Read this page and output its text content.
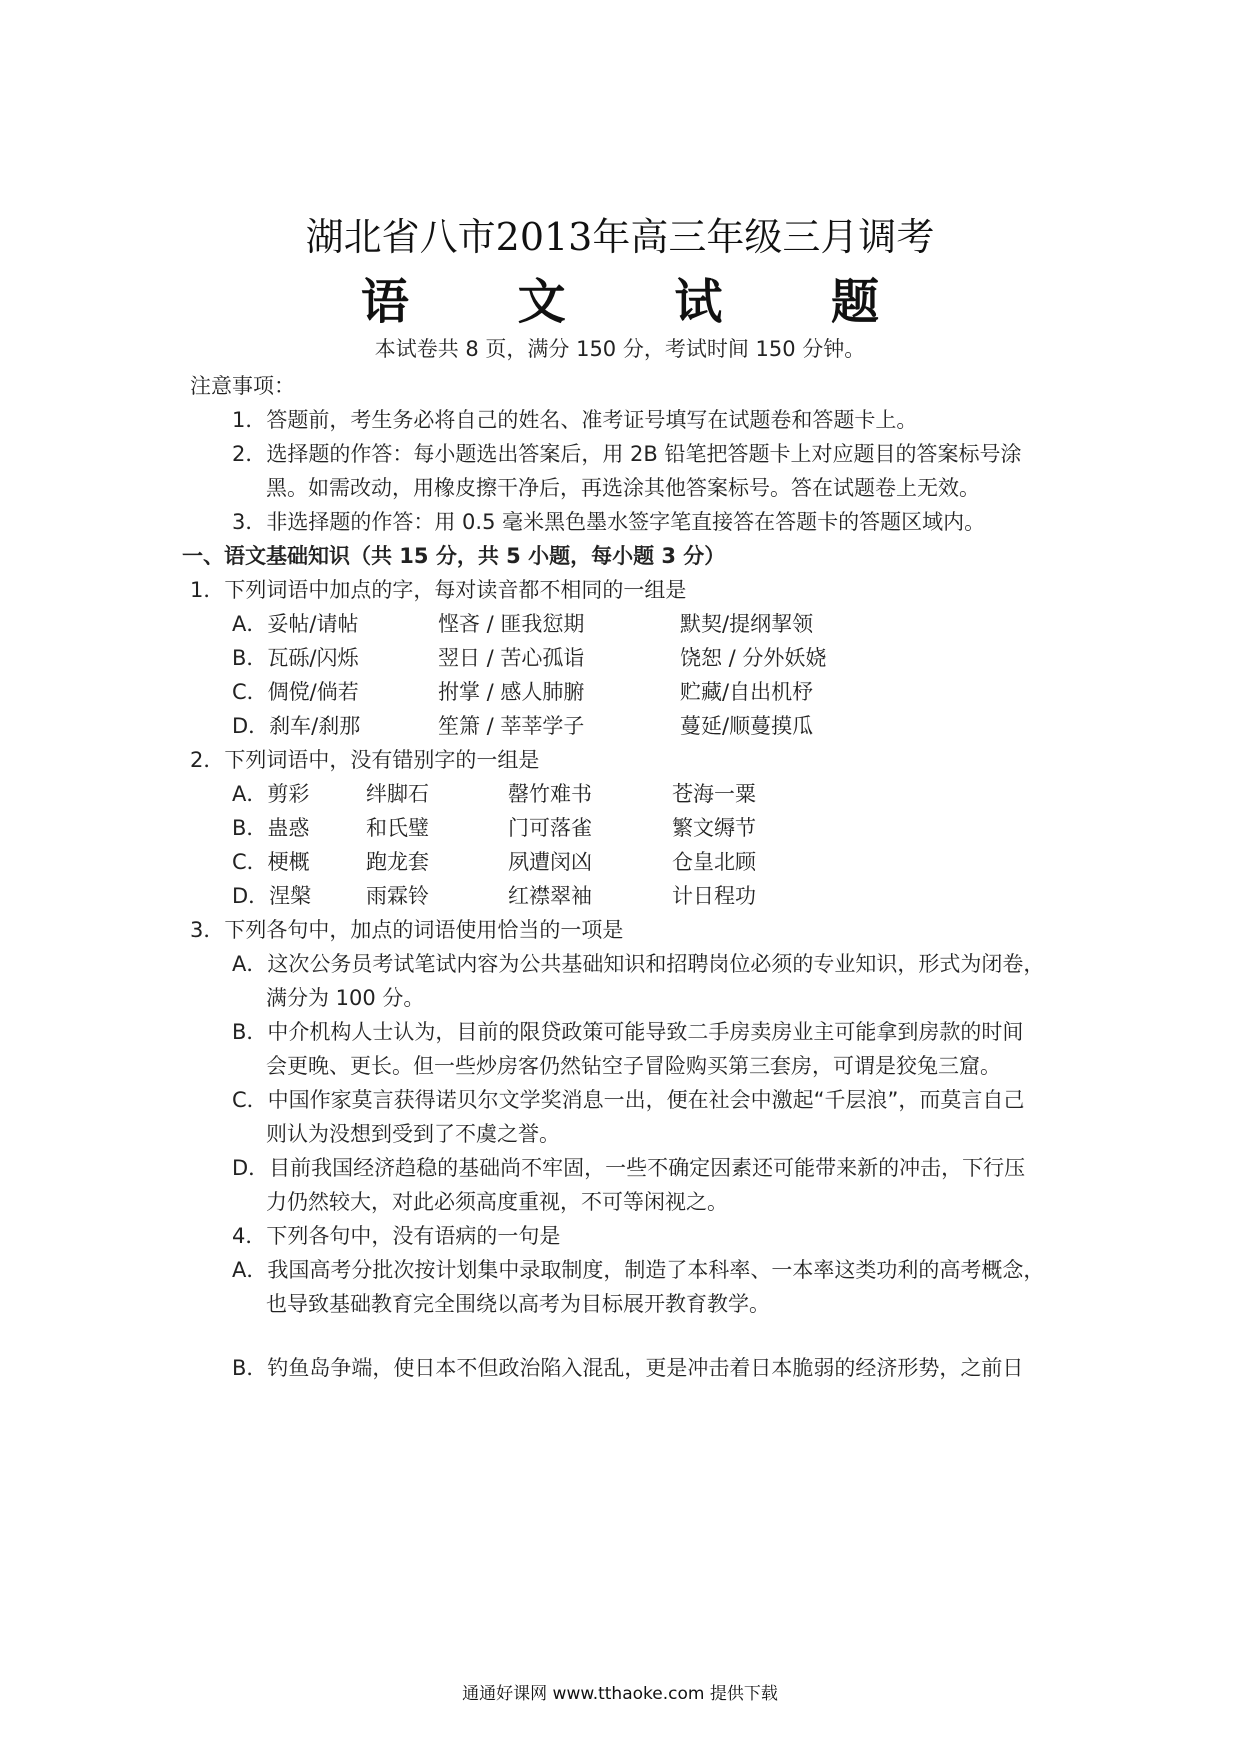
湖北省八市2013年高三年级三月调考
语 文 试 题
本试卷共 8 页，满分 150 分，考试时间 150 分钟。
注意事项：
1．答题前，考生务必将自己的姓名、准考证号填写在试题卷和答题卡上。
2．选择题的作答：每小题选出答案后，用 2B 铅笔把答题卡上对应题目的答案标号涂
黑。如需改动，用橡皮擦干净后，再选涂其他答案标号。答在试题卷上无效。
3．非选择题的作答：用 0.5 毫米黑色墨水签字笔直接答在答题卡的答题区域内。
一、语文基础知识（共 15 分，共 5 小题，每小题 3 分）
1．下列词语中加点的字，每对读音都不相同的一组是
A．妥帖/请帖	悭吝 / 匪我愆期	默契/提纲挈领
B．瓦砾/闪烁	翌日 / 苦心孤诣	饶恕 / 分外妖娆
C．倜傥/倘若	拊掌 / 感人肺腑	贮藏/自出机杼
D．刹车/刹那	笙箫 / 莘莘学子	蔓延/顺蔓摸瓜
2．下列词语中，没有错别字的一组是
A．剪彩	绊脚石	罄竹难书	苍海一粟
B．蛊惑	和氏璧	门可落雀	繁文缛节
C．梗概	跑龙套	夙遭闵凶	仓皇北顾
D．涅槃	雨霖铃	红襟翠袖	计日程功
3．下列各句中，加点的词语使用恰当的一项是
A．这次公务员考试笔试内容为公共基础知识和招聘岗位必须的专业知识，形式为闭卷，
满分为 100 分。
B．中介机构人士认为，目前的限贷政策可能导致二手房卖房业主可能拿到房款的时间
会更晚、更长。但一些炒房客仍然钻空子冒险购买第三套房，可谓是狡兔三窟。
C．中国作家莫言获得诺贝尔文学奖消息一出，便在社会中激起“千层浪”，而莫言自己
则认为没想到受到了不虞之誉。
D．目前我国经济趋稳的基础尚不牢固，一些不确定因素还可能带来新的冲击，下行压
力仍然较大，对此必须高度重视，不可等闲视之。
4．下列各句中，没有语病的一句是
A．我国高考分批次按计划集中录取制度，制造了本科率、一本率这类功利的高考概念，
也导致基础教育完全围绕以高考为目标展开教育教学。
B．钓鱼岛争端，使日本不但政治陷入混乱，更是冲击着日本脆弱的经济形势，之前日
通通好课网 www.tthaoke.com 提供下载
